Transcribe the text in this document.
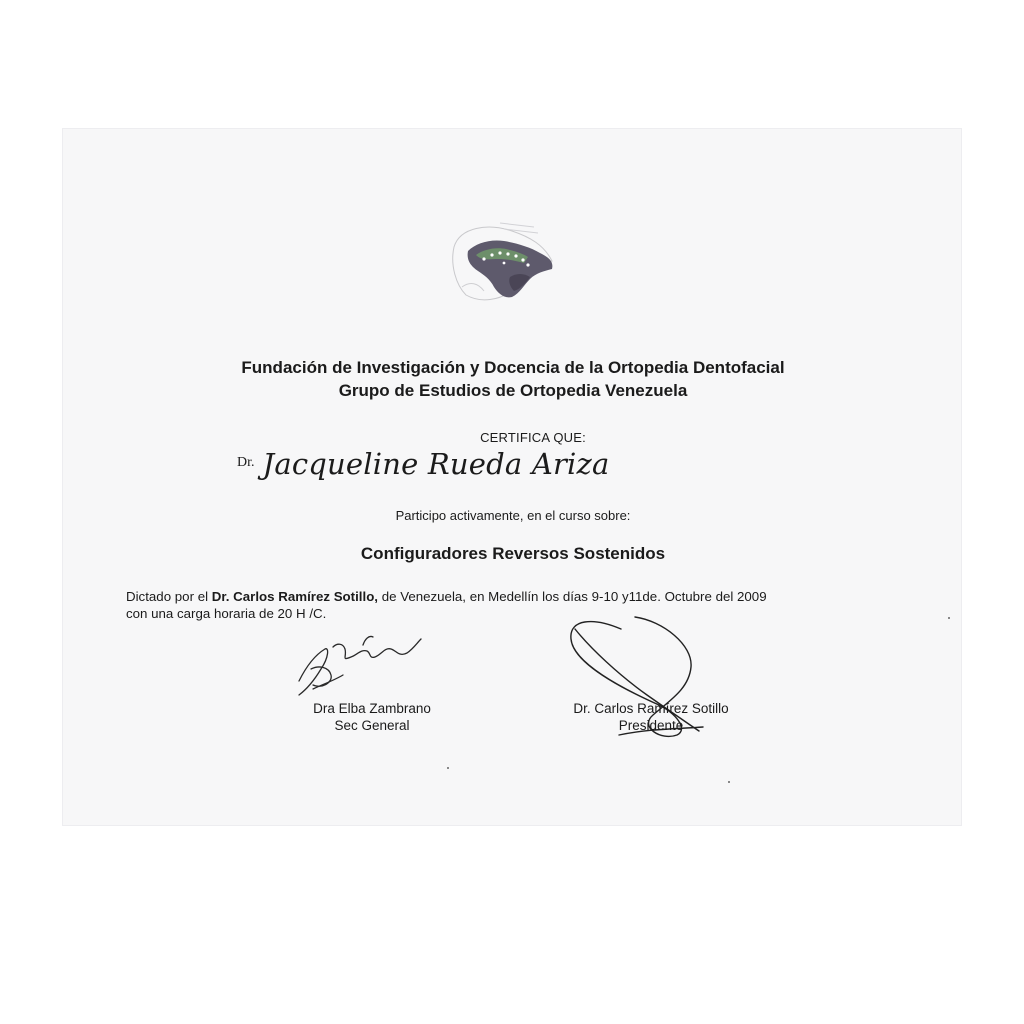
Fundación de Investigación y Docencia de la Ortopedia Dentofacial
Grupo de Estudios de Ortopedia Venezuela
CERTIFICA QUE:
Dr. Jacqueline Rueda Ariza
Participo activamente, en el curso sobre:
Configuradores Reversos Sostenidos
Dictado por el Dr. Carlos Ramírez Sotillo, de Venezuela, en Medellín los días 9-10 y11de. Octubre del 2009
con una carga horaria de 20 H /C.
Dra Elba Zambrano
Sec General
Dr. Carlos Ramírez Sotillo
Presidente
